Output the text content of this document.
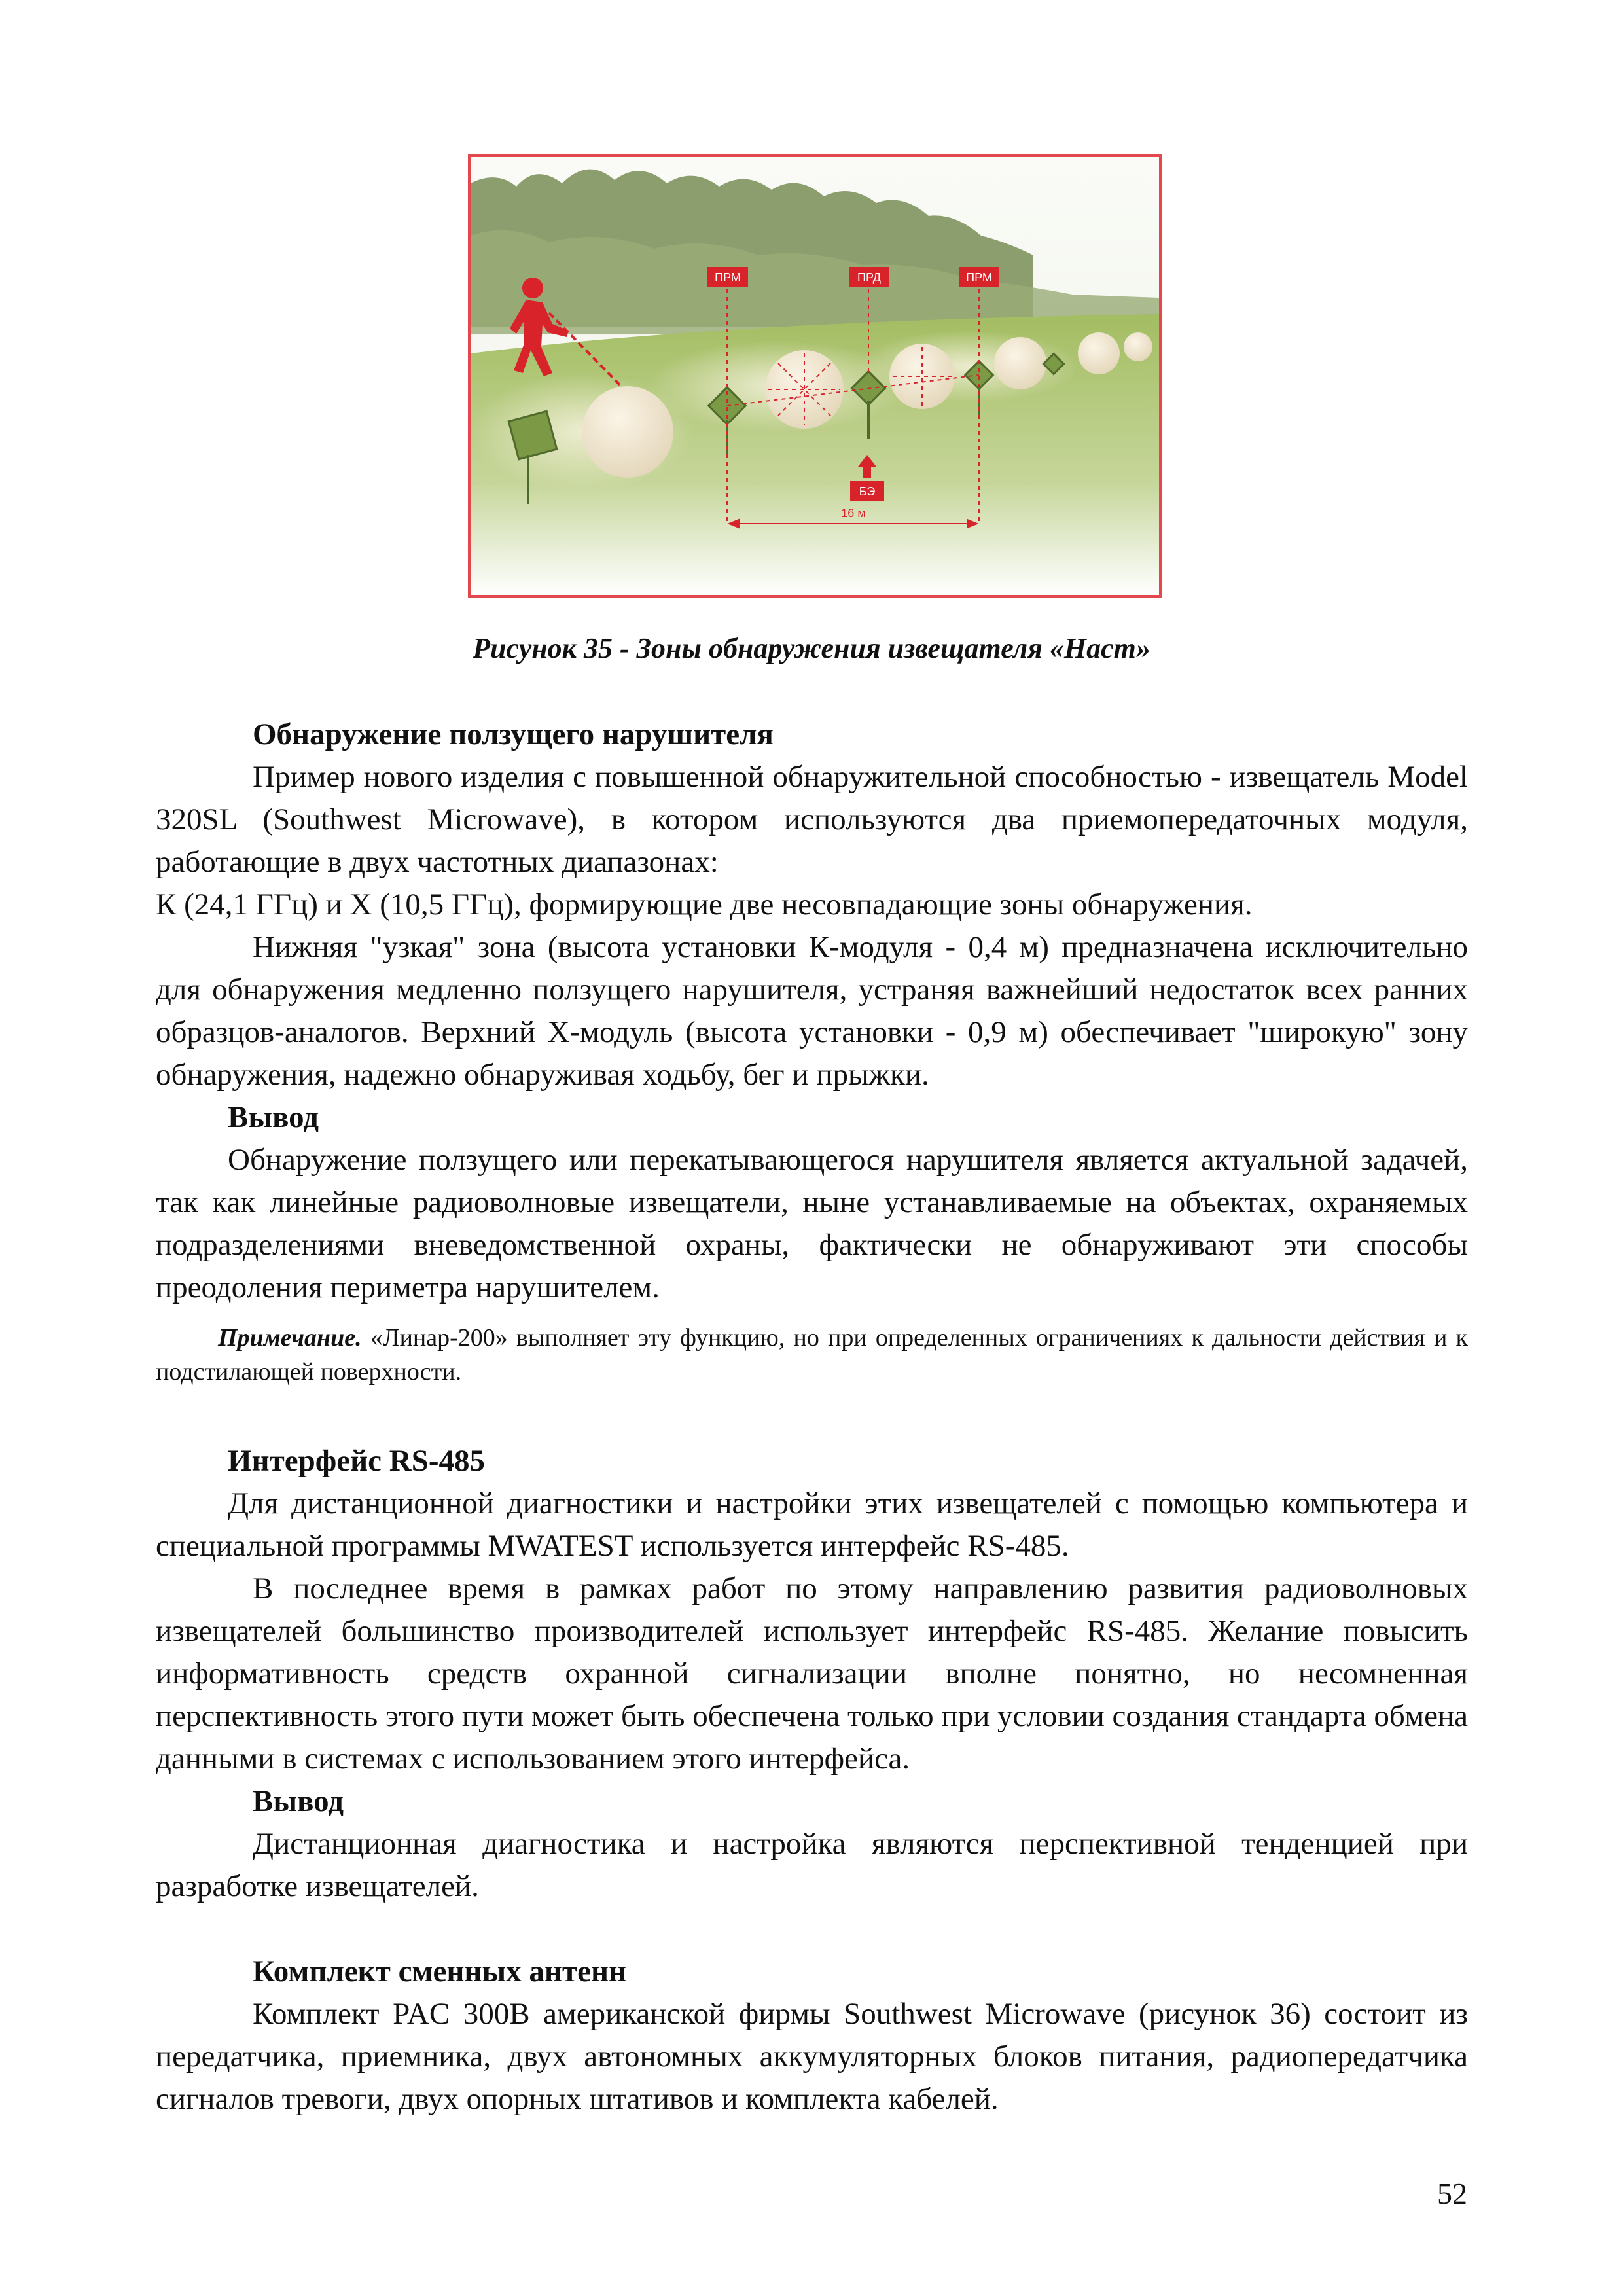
ПРМ	ПРД	ПРМ
БЭ
16 м
Рисунок 35 - Зоны обнаружения извещателя «Наст»

Обнаружение ползущего нарушителя

Пример нового изделия с повышенной обнаружительной способностью - извещатель Model 320SL (Southwest Microwave), в котором используются два приемопередаточных модуля, работающие в двух частотных диапазонах:

К (24,1 ГГц) и Х (10,5 ГГц), формирующие две несовпадающие зоны обнаружения.

Нижняя "узкая" зона (высота установки К-модуля - 0,4 м) предназначена исключительно для обнаружения медленно ползущего нарушителя, устраняя важнейший недостаток всех ранних образцов-аналогов. Верхний Х-модуль (высота установки - 0,9 м) обеспечивает "широкую" зону обнаружения, надежно обнаруживая ходьбу, бег и прыжки.

Вывод

Обнаружение ползущего или перекатывающегося нарушителя является актуальной задачей, так как линейные радиоволновые извещатели, ныне устанавливаемые на объектах, охраняемых подразделениями вневедомственной охраны, фактически не обнаруживают эти способы преодоления периметра нарушителем.

Примечание. «Линар-200» выполняет эту функцию, но при определенных ограничениях к дальности действия и к подстилающей поверхности.

Интерфейс RS-485

Для дистанционной диагностики и настройки этих извещателей с помощью компьютера и специальной программы MWATEST используется интерфейс RS-485.

В последнее время в рамках работ по этому направлению развития радиоволновых извещателей большинство производителей использует интерфейс RS-485. Желание повысить информативность средств охранной сигнализации вполне понятно, но несомненная перспективность этого пути может быть обеспечена только при условии создания стандарта обмена данными в системах с использованием этого интерфейса.

Вывод

Дистанционная диагностика и настройка являются перспективной тенденцией при разработке извещателей.

Комплект сменных антенн

Комплект PAC 300B американской фирмы Southwest Microwave (рисунок 36) состоит из передатчика, приемника, двух автономных аккумуляторных блоков питания, радиопередатчика сигналов тревоги, двух опорных штативов и комплекта кабелей.

52
